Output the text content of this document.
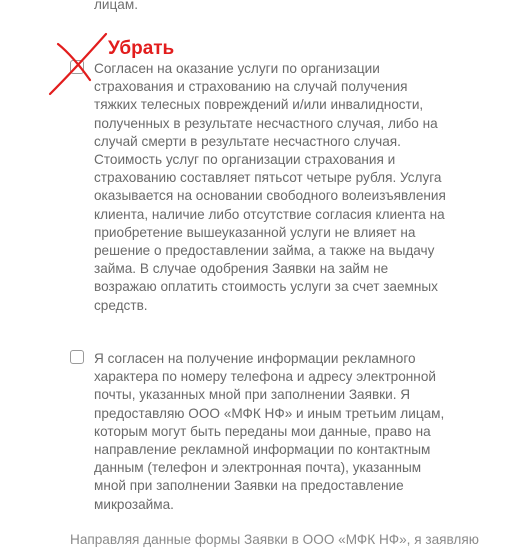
лицам.

Согласен на оказание услуги по организации страхования и страхованию на случай получения тяжких телесных повреждений и/или инвалидности, полученных в результате несчастного случая, либо на случай смерти в результате несчастного случая. Стоимость услуг по организации страхования и страхованию составляет пятьсот четыре рубля. Услуга оказывается на основании свободного волеизъявления клиента, наличие либо отсутствие согласия клиента на приобретение вышеуказанной услуги не влияет на решение о предоставлении займа, а также на выдачу займа. В случае одобрения Заявки на займ не возражаю оплатить стоимость услуги за счет заемных средств.

Убрать

Я согласен на получение информации рекламного характера по номеру телефона и адресу электронной почты, указанных мной при заполнении Заявки. Я предоставляю ООО «МФК НФ» и иным третьим лицам, которым могут быть переданы мои данные, право на направление рекламной информации по контактным данным (телефон и электронная почта), указанным мной при заполнении Заявки на предоставление микрозайма.

Направляя данные формы Заявки в ООО «МФК НФ», я заявляю
